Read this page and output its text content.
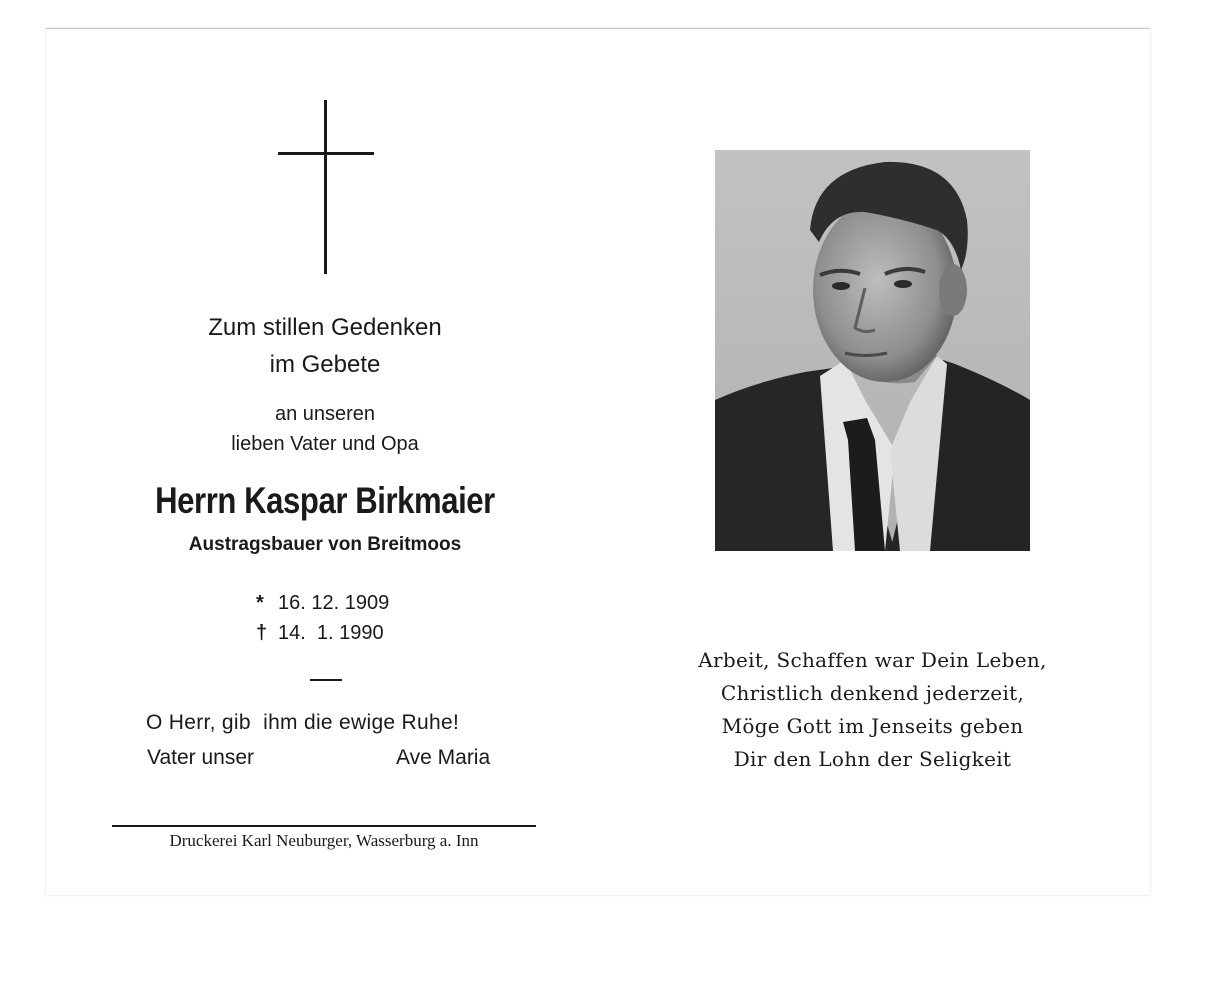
Zum stillen Gedenken
im Gebete
an unseren
lieben Vater und Opa
Herrn Kaspar Birkmaier
Austragsbauer von Breitmoos
* 16. 12. 1909
† 14.  1. 1990
O Herr, gib  ihm die ewige Ruhe!
Vater unser	Ave Maria
Druckerei Karl Neuburger, Wasserburg a. Inn
Arbeit, Schaffen war Dein Leben,
Christlich denkend jederzeit,
Möge Gott im Jenseits geben
Dir den Lohn der Seligkeit
